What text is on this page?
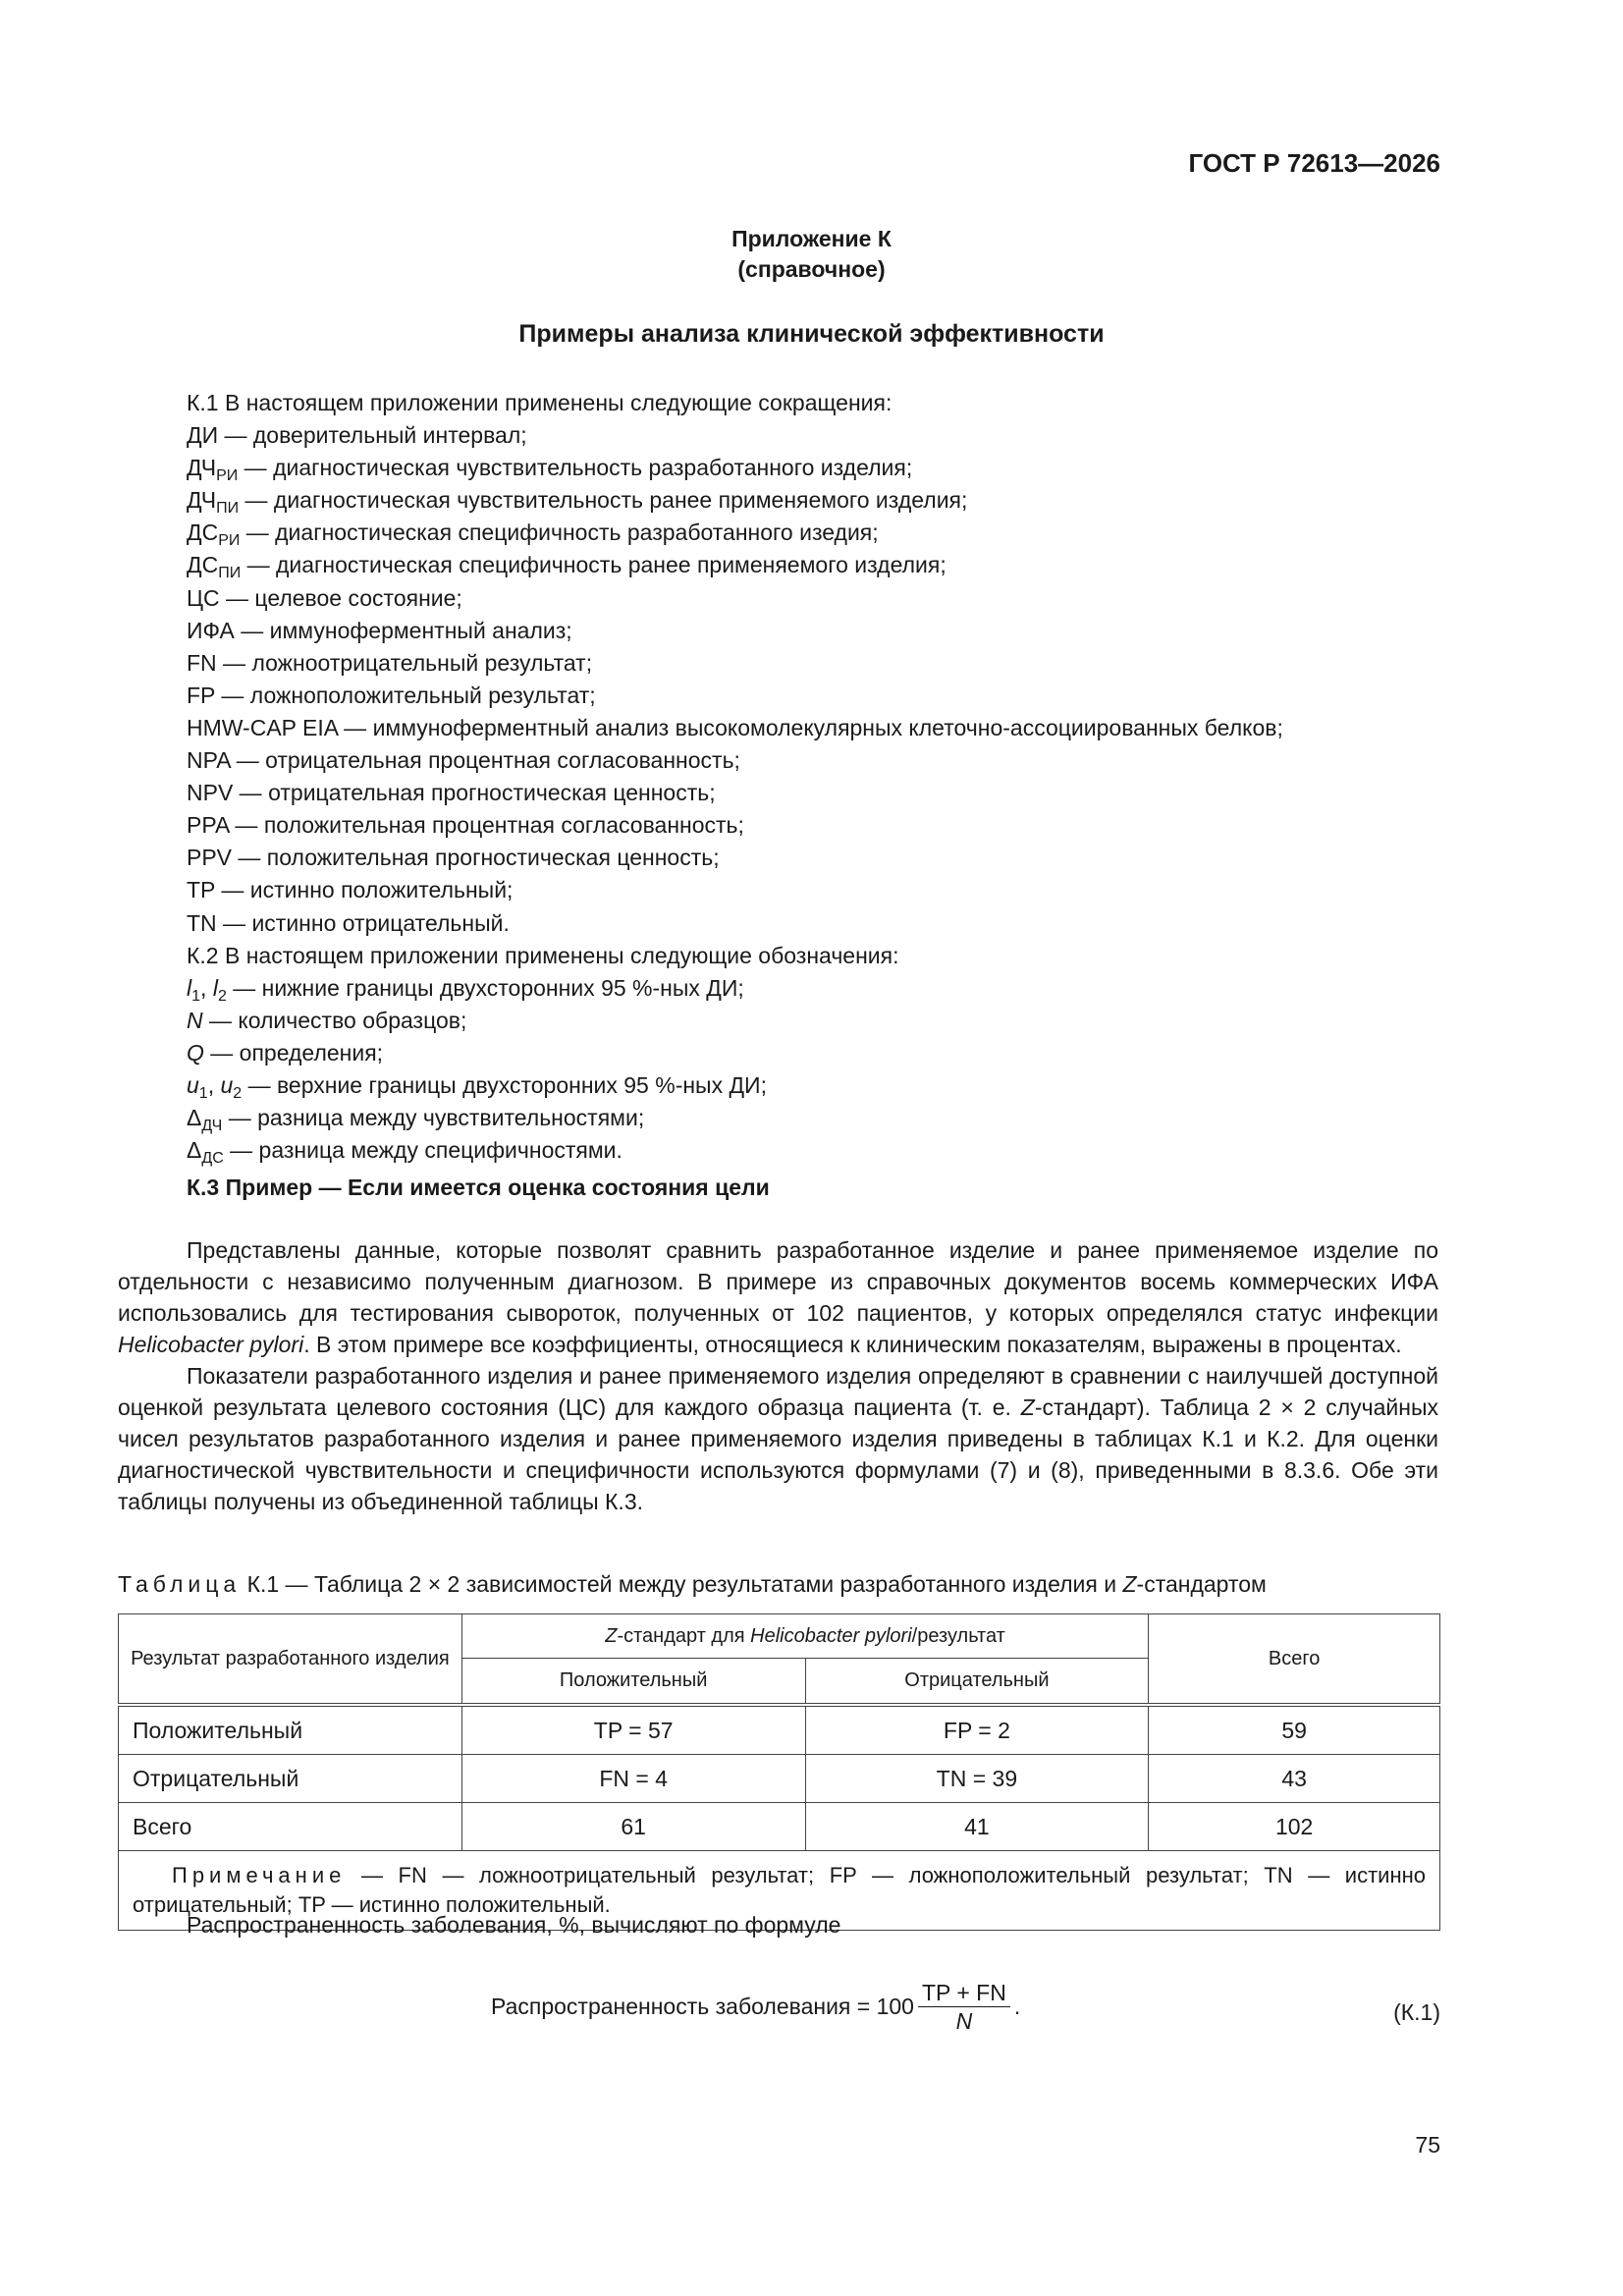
ГОСТ Р 72613—2026
Приложение К
(справочное)
Примеры анализа клинической эффективности
К.1 В настоящем приложении применены следующие сокращения:
ДИ — доверительный интервал;
$ДЧ_{РИ}$ — диагностическая чувствительность разработанного изделия;
$ДЧ_{ПИ}$ — диагностическая чувствительность ранее применяемого изделия;
$ДС_{РИ}$ — диагностическая специфичность разработанного изедия;
$ДС_{ПИ}$ — диагностическая специфичность ранее применяемого изделия;
ЦС — целевое состояние;
ИФА — иммуноферментный анализ;
FN — ложноотрицательный результат;
FP — ложноположительный результат;
HMW-CAP EIA — иммуноферментный анализ высокомолекулярных клеточно-ассоциированных белков;
NPA — отрицательная процентная согласованность;
NPV — отрицательная прогностическая ценность;
PPA — положительная процентная согласованность;
PPV — положительная прогностическая ценность;
TP — истинно положительный;
TN — истинно отрицательный.
К.2 В настоящем приложении применены следующие обозначения:
$l_1$, $l_2$ — нижние границы двухсторонних 95 %-ных ДИ;
N — количество образцов;
Q — определения;
$u_1$, $u_2$ — верхние границы двухсторонних 95 %-ных ДИ;
$\Delta_{ДЧ}$ — разница между чувствительностями;
$\Delta_{ДС}$ — разница между специфичностями.
К.3 Пример — Если имеется оценка состояния цели
Представлены данные, которые позволят сравнить разработанное изделие и ранее применяемое изделие по отдельности с независимо полученным диагнозом. В примере из справочных документов восемь коммерческих ИФА использовались для тестирования сывороток, полученных от 102 пациентов, у которых определялся статус инфекции Helicobacter pylori. В этом примере все коэффициенты, относящиеся к клиническим показателям, выражены в процентах.
Показатели разработанного изделия и ранее применяемого изделия определяют в сравнении с наилучшей доступной оценкой результата целевого состояния (ЦС) для каждого образца пациента (т. е. Z-стандарт). Таблица 2 × 2 случайных чисел результатов разработанного изделия и ранее применяемого изделия приведены в таблицах К.1 и К.2. Для оценки диагностической чувствительности и специфичности используются формулами (7) и (8), приведенными в 8.3.6. Обе эти таблицы получены из объединенной таблицы К.3.
Таблица К.1 — Таблица 2 × 2 зависимостей между результатами разработанного изделия и Z-стандартом
Результат разработанного изделия	Z-стандарт для Helicobacter pylori/результат		Всего
	Положительный	Отрицательный	
Положительный	TP = 57	FP = 2	59
Отрицательный	FN = 4	TN = 39	43
Всего	61	41	102
Примечание — FN — ложноотрицательный результат; FP — ложноположительный результат; TN — истинно отрицательный; TP — истинно положительный.			
Распространенность заболевания, %, вычисляют по формуле
Распространенность заболевания = $100 \frac{TP + FN}{N}$ .	(К.1)
75
